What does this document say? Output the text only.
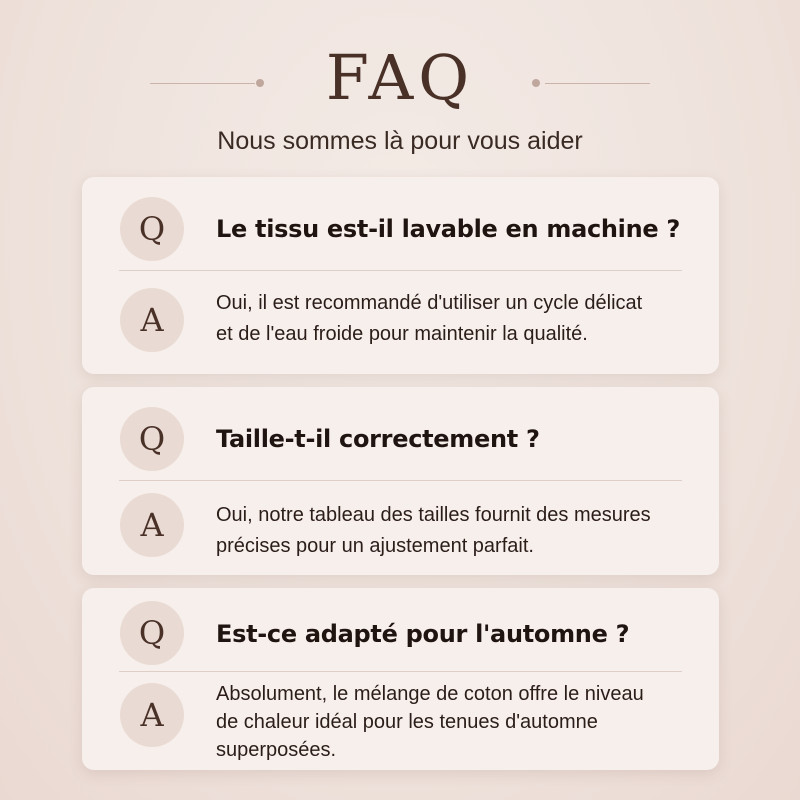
FAQ
Nous sommes là pour vous aider
Q	Le tissu est-il lavable en machine ?
A	Oui, il est recommandé d'utiliser un cycle délicat
et de l'eau froide pour maintenir la qualité.
Q	Taille-t-il correctement ?
A	Oui, notre tableau des tailles fournit des mesures
précises pour un ajustement parfait.
Q	Est-ce adapté pour l'automne ?
A
Absolument, le mélange de coton offre le niveau
de chaleur idéal pour les tenues d'automne
superposées.
